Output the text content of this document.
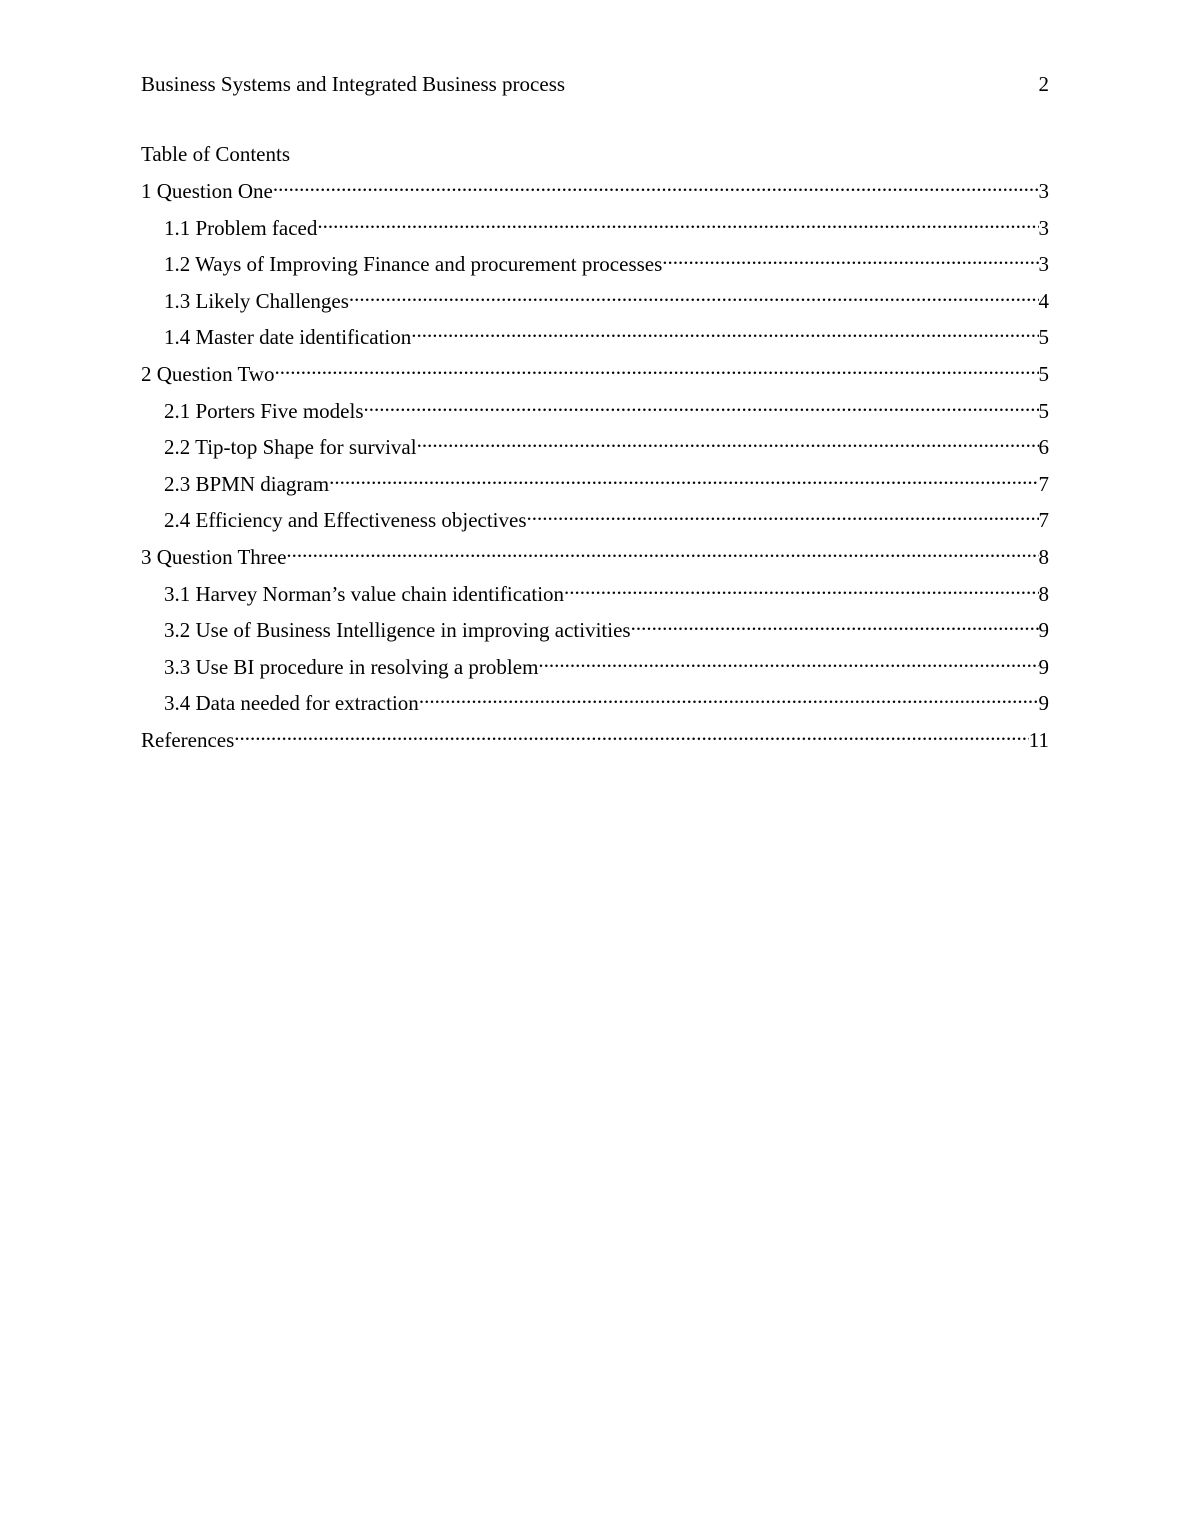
Business Systems and Integrated Business process	2
Table of Contents
1 Question One .....	3
1.1 Problem faced .....	3
1.2 Ways of Improving Finance and procurement processes .....	3
1.3 Likely Challenges .....	4
1.4 Master date identification .....	5
2 Question Two .....	5
2.1 Porters Five models .....	5
2.2 Tip-top Shape for survival .....	6
2.3 BPMN diagram .....	7
2.4 Efficiency and Effectiveness objectives .....	7
3 Question Three .....	8
3.1 Harvey Norman’s value chain identification .....	8
3.2 Use of Business Intelligence in improving activities .....	9
3.3 Use BI procedure in resolving a problem .....	9
3.4 Data needed for extraction .....	9
References .....	11
